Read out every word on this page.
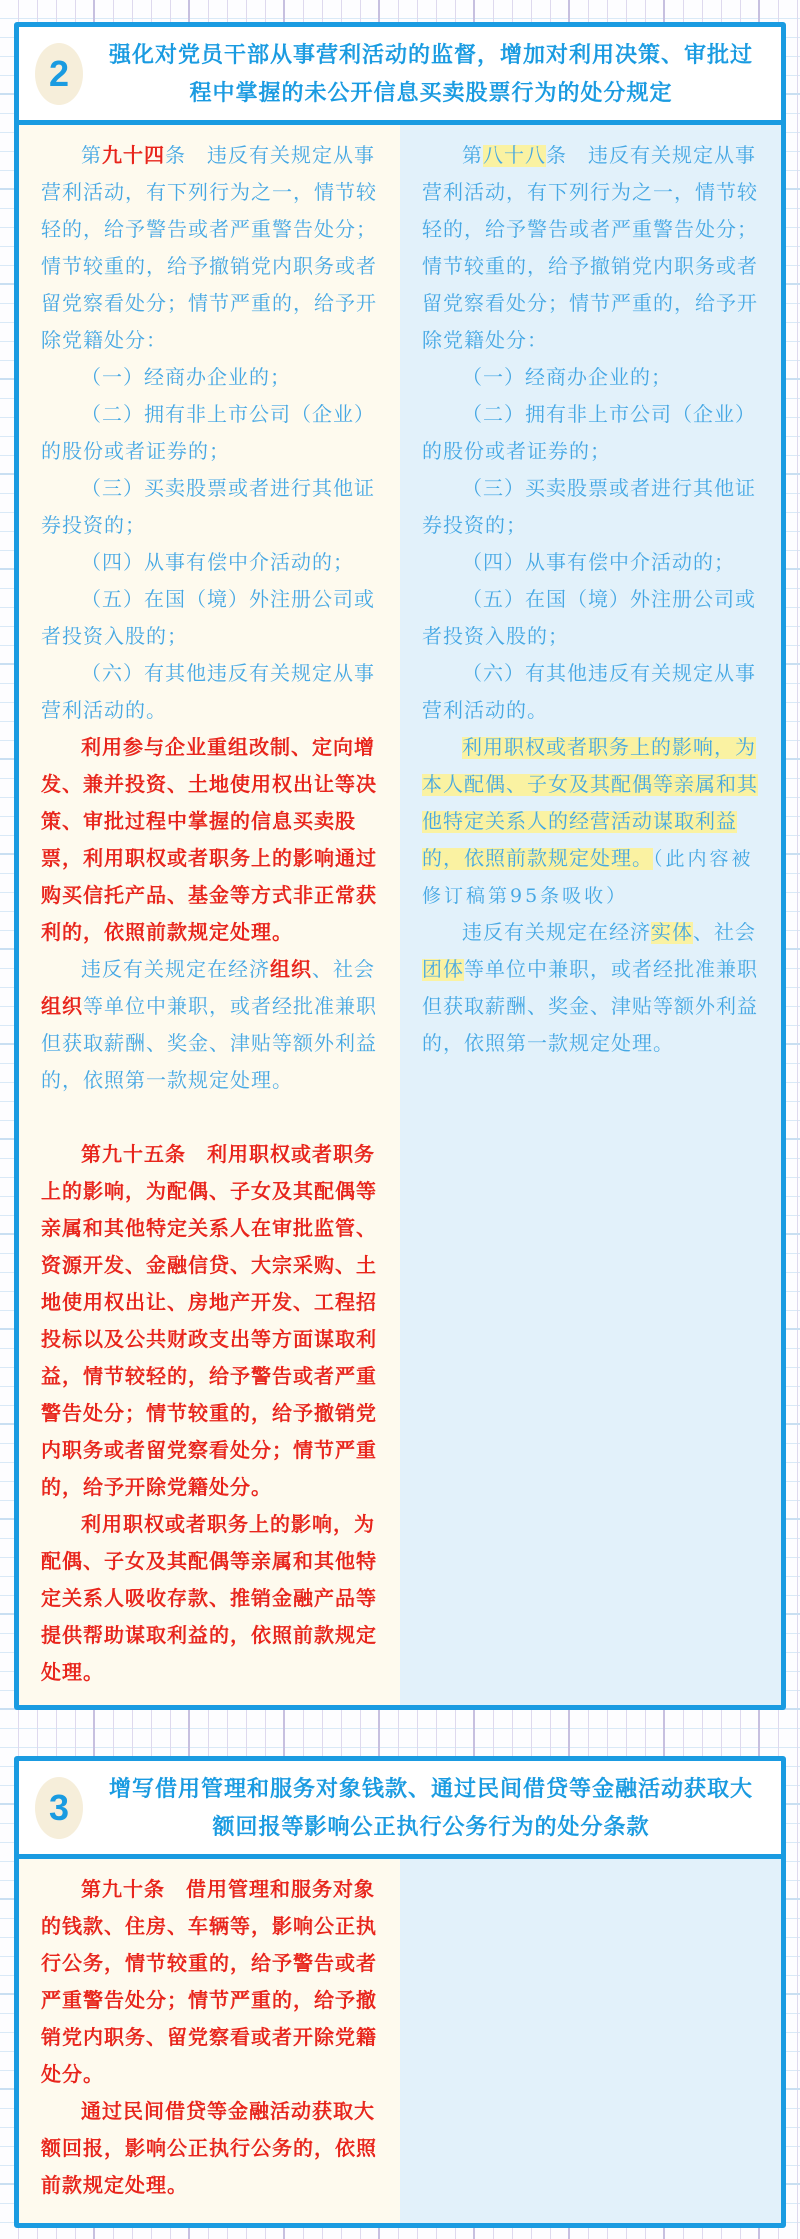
2 强化对党员干部从事营利活动的监督，增加对利用决策、审批过程中掌握的未公开信息买卖股票行为的处分规定
第九十四条　违反有关规定从事营利活动，有下列行为之一，情节较轻的，给予警告或者严重警告处分；情节较重的，给予撤销党内职务或者留党察看处分；情节严重的，给予开除党籍处分：
（一）经商办企业的；
（二）拥有非上市公司（企业）的股份或者证券的；
（三）买卖股票或者进行其他证券投资的；
（四）从事有偿中介活动的；
（五）在国（境）外注册公司或者投资入股的；
（六）有其他违反有关规定从事营利活动的。
利用参与企业重组改制、定向增发、兼并投资、土地使用权出让等决策、审批过程中掌握的信息买卖股票，利用职权或者职务上的影响通过购买信托产品、基金等方式非正常获利的，依照前款规定处理。
违反有关规定在经济组织、社会组织等单位中兼职，或者经批准兼职但获取薪酬、奖金、津贴等额外利益的，依照第一款规定处理。
第九十五条　利用职权或者职务上的影响，为配偶、子女及其配偶等亲属和其他特定关系人在审批监管、资源开发、金融信贷、大宗采购、土地使用权出让、房地产开发、工程招投标以及公共财政支出等方面谋取利益，情节较轻的，给予警告或者严重警告处分；情节较重的，给予撤销党内职务或者留党察看处分；情节严重的，给予开除党籍处分。
利用职权或者职务上的影响，为配偶、子女及其配偶等亲属和其他特定关系人吸收存款、推销金融产品等提供帮助谋取利益的，依照前款规定处理。
第八十八条　违反有关规定从事营利活动，有下列行为之一，情节较轻的，给予警告或者严重警告处分；情节较重的，给予撤销党内职务或者留党察看处分；情节严重的，给予开除党籍处分：
（一）经商办企业的；
（二）拥有非上市公司（企业）的股份或者证券的；
（三）买卖股票或者进行其他证券投资的；
（四）从事有偿中介活动的；
（五）在国（境）外注册公司或者投资入股的；
（六）有其他违反有关规定从事营利活动的。
利用职权或者职务上的影响，为本人配偶、子女及其配偶等亲属和其他特定关系人的经营活动谋取利益的，依照前款规定处理。（此内容被修订稿第95条吸收）
违反有关规定在经济实体、社会团体等单位中兼职，或者经批准兼职但获取薪酬、奖金、津贴等额外利益的，依照第一款规定处理。
3 增写借用管理和服务对象钱款、通过民间借贷等金融活动获取大额回报等影响公正执行公务行为的处分条款
第九十条　借用管理和服务对象的钱款、住房、车辆等，影响公正执行公务，情节较重的，给予警告或者严重警告处分；情节严重的，给予撤销党内职务、留党察看或者开除党籍处分。
通过民间借贷等金融活动获取大额回报，影响公正执行公务的，依照前款规定处理。
